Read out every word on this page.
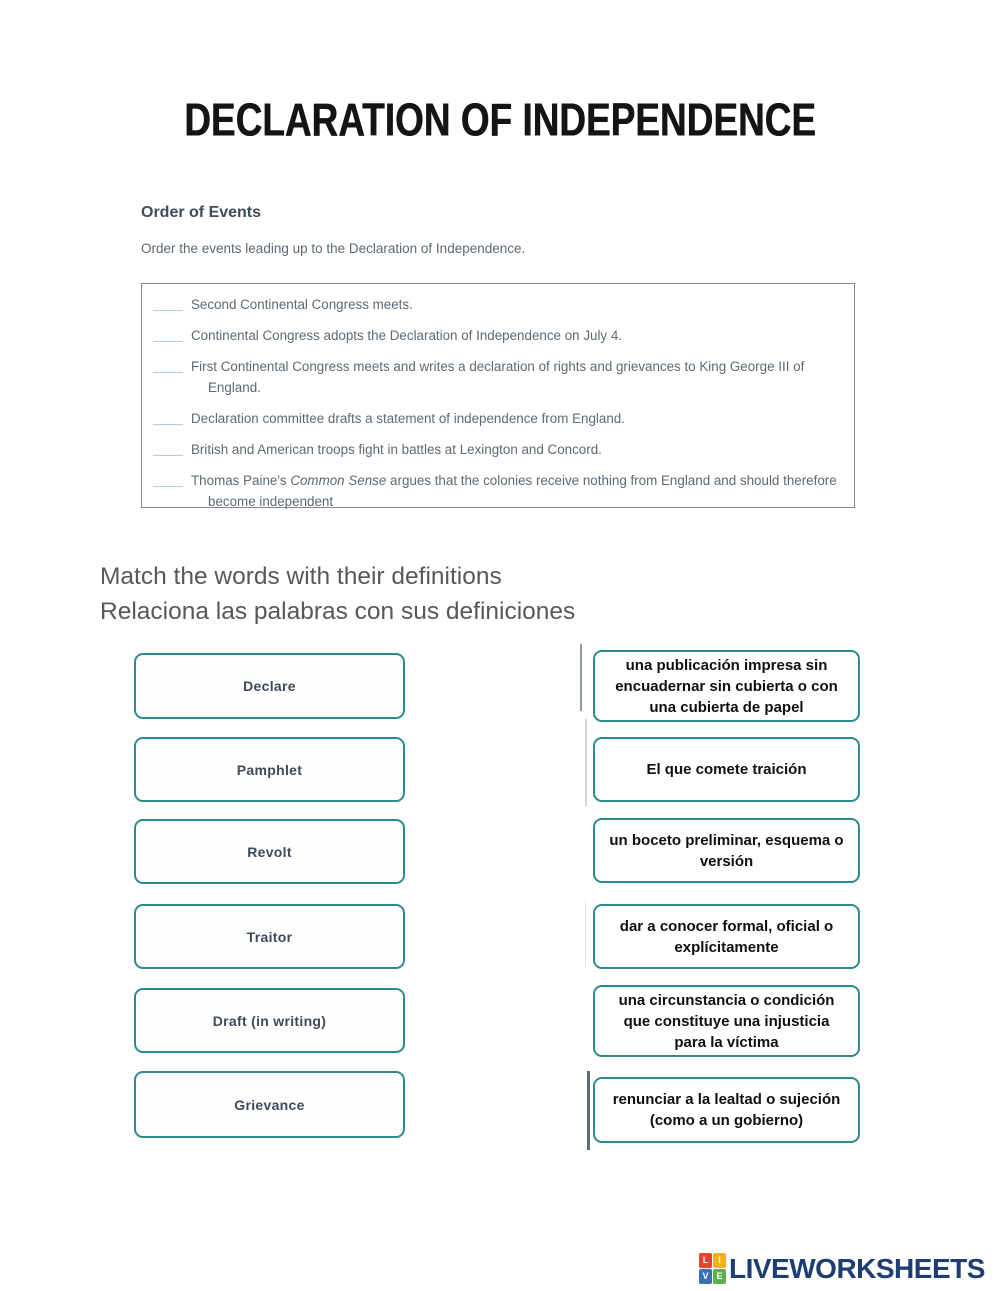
DECLARATION OF INDEPENDENCE
Order of Events

Order the events leading up to the Declaration of Independence.

Second Continental Congress meets.
Continental Congress adopts the Declaration of Independence on July 4.
First Continental Congress meets and writes a declaration of rights and grievances to King George III of England.
Declaration committee drafts a statement of independence from England.
British and American troops fight in battles at Lexington and Concord.
Thomas Paine's Common Sense argues that the colonies receive nothing from England and should therefore become independent
Match the words with their definitions
Relaciona las palabras con sus definiciones
Declare
Pamphlet
Revolt
Traitor
Draft (in writing)
Grievance
una publicación impresa sin encuadernar sin cubierta o con una cubierta de papel
El que comete traición
un boceto preliminar, esquema o versión
dar a conocer formal, oficial o explícitamente
una circunstancia o condición que constituye una injusticia para la víctima
renunciar a la lealtad o sujeción (como a un gobierno)
L	I
V E LIVEWORKSHEETS
